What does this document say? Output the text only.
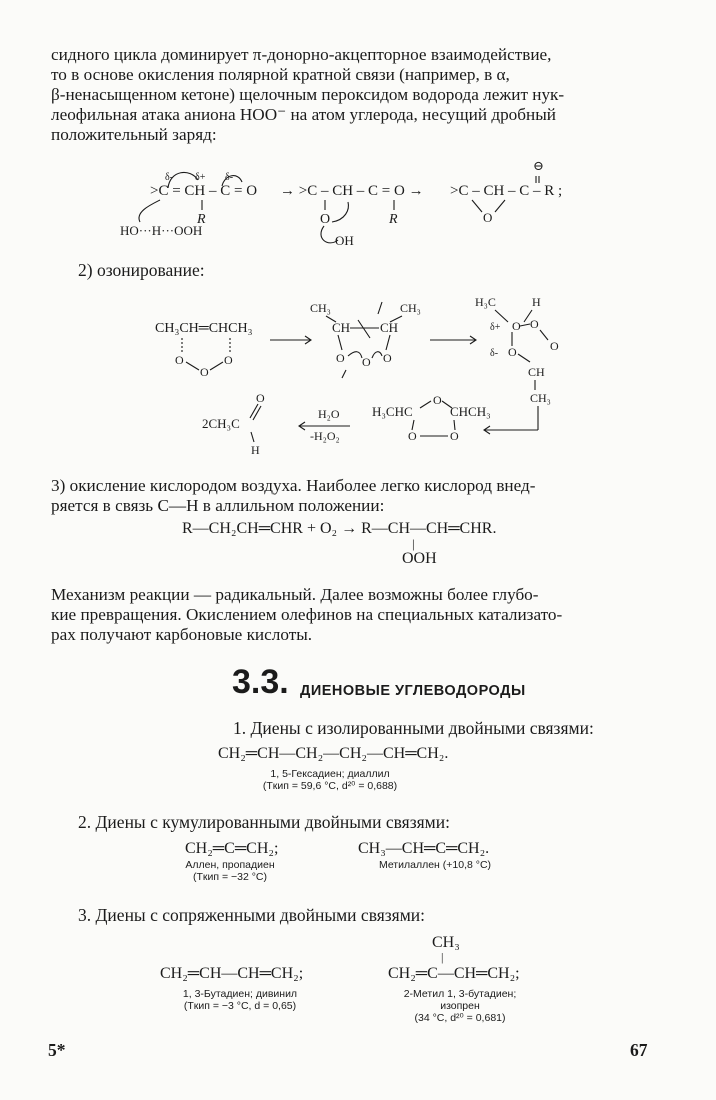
сидного цикла доминирует π-донорно-акцепторное взаимодействие,
то в основе окисления полярной кратной связи (например, в α,
β-ненасыщенном кетоне) щелочным пероксидом водорода лежит нук-
леофильная атака аниона HOO⁻ на атом углерода, несущий дробный
положительный заряд:
δ- δ+ δ-
>C = CH – C = O
R
HO···H···OOH
→ >C – CH – C = O →
O	R
OH
⊖
>C – CH – C – R ;
O
2) озонирование:
CH₃CH═CHCH₃
O	O
O
CH₃	CH₃
CH CH
O O O
H₃C	H
δ+ O O
δ- O	O
CH
CH₃
H₃CHC	CHCH₃
O
O	O
H₂O
-H₂O₂
2CH₃C
O
H
3) окисление кислородом воздуха. Наиболее легко кислород внед-
ряется в связь C—H в аллильном положении:
R—CH₂CH═CHR + O₂ → R—CH—CH═CHR.
|
OOH
Механизм реакции — радикальный. Далее возможны более глубо-
кие превращения. Окислением олефинов на специальных катализато-
рах получают карбоновые кислоты.
3.3. ДИЕНОВЫЕ УГЛЕВОДОРОДЫ
1. Диены с изолированными двойными связями:
CH₂═CH—CH₂—CH₂—CH═CH₂.
1, 5-Гексадиен; диаллил
(Tкип = 59,6 °C, d²⁰ = 0,688)
2. Диены с кумулированными двойными связями:
CH₂═C═CH₂;
Аллен, пропадиен
(Tкип = −32 °C)
CH₃—CH═C═CH₂.
Метилаллен (+10,8 °C)
3. Диены с сопряженными двойными связями:
CH₂═CH—CH═CH₂;
1, 3-Бутадиен; дивинил
(Tкип = −3 °C, d = 0,65)
CH₃
|
CH₂═C—CH═CH₂;
2-Метил 1, 3-бутадиен;
изопрен
(34 °C, d²⁰ = 0,681)
5*	67
